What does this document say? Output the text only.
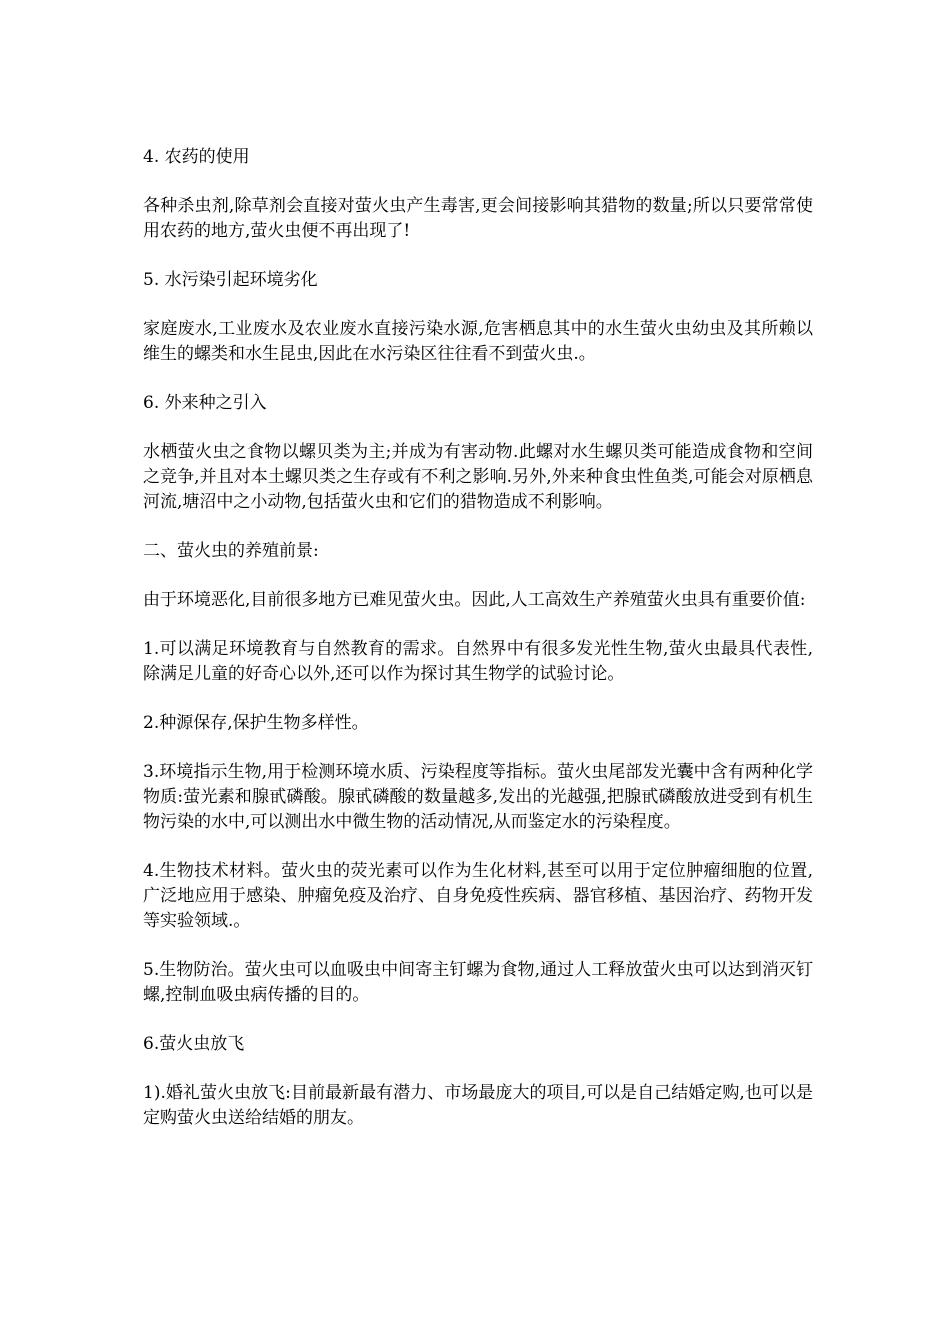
4. 农药的使用

各种杀虫剂,除草剂会直接对萤火虫产生毒害,更会间接影响其猎物的数量;所以只要常常使用农药的地方,萤火虫便不再出现了!

5. 水污染引起环境劣化

家庭废水,工业废水及农业废水直接污染水源,危害栖息其中的水生萤火虫幼虫及其所赖以维生的螺类和水生昆虫,因此在水污染区往往看不到萤火虫.。

6. 外来种之引入

水栖萤火虫之食物以螺贝类为主;并成为有害动物.此螺对水生螺贝类可能造成食物和空间之竞争,并且对本土螺贝类之生存或有不利之影响.另外,外来种食虫性鱼类,可能会对原栖息河流,塘沼中之小动物,包括萤火虫和它们的猎物造成不利影响。

二、萤火虫的养殖前景:

由于环境恶化,目前很多地方已难见萤火虫。因此,人工高效生产养殖萤火虫具有重要价值:

1.可以满足环境教育与自然教育的需求。自然界中有很多发光性生物,萤火虫最具代表性,除满足儿童的好奇心以外,还可以作为探讨其生物学的试验讨论。

2.种源保存,保护生物多样性。

3.环境指示生物,用于检测环境水质、污染程度等指标。萤火虫尾部发光囊中含有两种化学物质:萤光素和腺甙磷酸。腺甙磷酸的数量越多,发出的光越强,把腺甙磷酸放进受到有机生物污染的水中,可以测出水中微生物的活动情况,从而鉴定水的污染程度。

4.生物技术材料。萤火虫的荧光素可以作为生化材料,甚至可以用于定位肿瘤细胞的位置,广泛地应用于感染、肿瘤免疫及治疗、自身免疫性疾病、器官移植、基因治疗、药物开发等实验领域.。

5.生物防治。萤火虫可以血吸虫中间寄主钉螺为食物,通过人工释放萤火虫可以达到消灭钉螺,控制血吸虫病传播的目的。

6.萤火虫放飞

1).婚礼萤火虫放飞:目前最新最有潜力、市场最庞大的项目,可以是自己结婚定购,也可以是定购萤火虫送给结婚的朋友。
